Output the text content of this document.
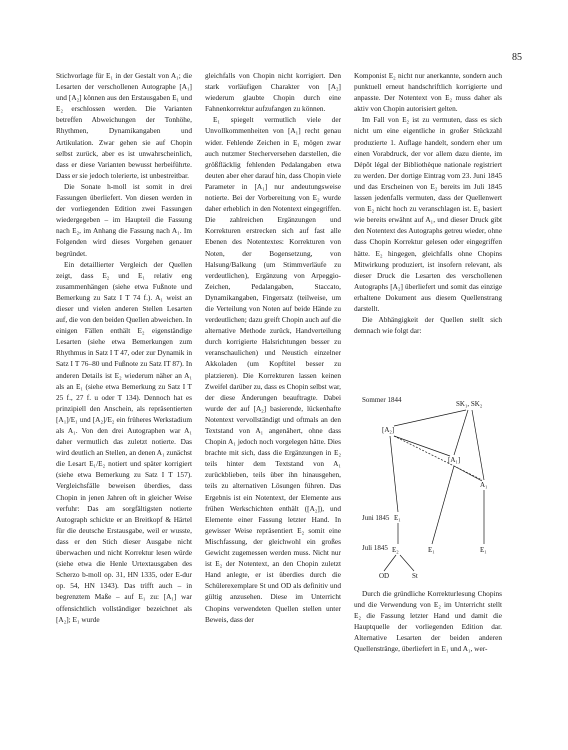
85

Stichvorlage für E₁ in der Gestalt von A₁; die Lesarten der verschollenen Autographe [A₁] und [A₂] können aus den Erstausgaben E₁ und E₂ erschlossen werden. Die Varianten betreffen Abweichungen der Tonhöhe, Rhythmen, Dynamikangaben und Artikulation. Zwar gehen sie auf Chopin selbst zurück, aber es ist unwahrscheinlich, dass er diese Varianten bewusst herbeiführte. Dass er sie jedoch tolerierte, ist unbestreitbar.

Die Sonate h-moll ist somit in drei Fassungen überliefert. Von diesen werden in der vorliegenden Edition zwei Fassungen wiedergegeben – im Haupteil die Fassung nach E₂, im Anhang die Fassung nach A₁. Im Folgenden wird dieses Vorgehen genauer begründet.

Ein detaillierter Vergleich der Quellen zeigt, dass E₂ und E₁ relativ eng zusammenhängen (siehe etwa Fußnote und Bemerkung zu Satz I T 74 f.). A₁ weist an dieser und vielen anderen Stellen Lesarten auf, die von den beiden Quellen abweichen. In einigen Fällen enthält E₂ eigenständige Lesarten (siehe etwa Bemerkungen zum Rhythmus in Satz I T 47, oder zur Dynamik in Satz I T 76–80 und Fußnote zu Satz IT 87). In anderen Details ist E₂ wiederum näher an A₁ als an E₁ (siehe etwa Bemerkung zu Satz I T 25 f., 27 f. u oder T 134). Dennoch hat es prinzipiell den Anschein, als repräsentierten [A₁]/E₁ und [A₂]/E₂ ein früheres Werkstadium als A₁. Von den drei Autographen war A₁ daher vermutlich das zuletzt notierte. Das wird deutlich an Stellen, an denen A₁ zunächst die Lesart E₁/E₂ notiert und später korrigiert (siehe etwa Bemerkung zu Satz I T 157). Vergleichsfälle beweisen überdies, dass Chopin in jenen Jahren oft in gleicher Weise verfuhr: Das am sorgfältigsten notierte Autograph schickte er an Breitkopf & Härtel für die deutsche Erstausgabe, weil er wusste, dass er den Stich dieser Ausgabe nicht überwachen und nicht Korrektur lesen würde (siehe etwa die Henle Urtextausgaben des Scherzo b-moll op. 31, HN 1335, oder E-dur op. 54, HN 1343). Das trifft auch – in begrenztem Maße – auf E₁ zu: [A₁] war offensichtlich vollständiger bezeichnet als [A₂]; E₁ wurde

gleichfalls von Chopin nicht korrigiert. Den stark vorläufigen Charakter von [A₂] wiederum glaubte Chopin durch eine Fahnenkorrektur aufzufangen zu können.

E₁ spiegelt vermutlich viele der Unvollkommenheiten von [A₁] recht genau wider. Fehlende Zeichen in E₁ mögen zwar auch nutzmer Stecherversehen darstellen, die größfläcklig fehlenden Pedalangaben etwa deuten aber eher darauf hin, dass Chopin viele Parameter in [A₁] nur andeutungsweise notierte. Bei der Vorbereitung von E₂ wurde daher erheblich in den Notentext eingegriffen. Die zahlreichen Ergänzungen und Korrekturen erstrecken sich auf fast alle Ebenen des Notentextes: Korrekturen von Noten, der Bogensetzung, von Halsung/Balkung (um Stimmverläufe zu verdeutlichen), Ergänzung von Arpeggio-Zeichen, Pedalangaben, Staccato, Dynamikangaben, Fingersatz (teilweise, um die Verteilung von Noten auf beide Hände zu verdeutlichen; dazu greift Chopin auch auf die alternative Methode zurück, Handverteilung durch korrigierte Halsrichtungen besser zu veranschaulichen) und Neustich einzelner Akkoladen (um Kopftitel besser zu platzieren). Die Korrekturen lassen keinen Zweifel darüber zu, dass es Chopin selbst war, der diese Änderungen beauftragte. Dabei wurde der auf [A₂] basierende, lückenhafte Notentext vervollständigt und oftmals an den Textstand von A₁ angenähert, ohne dass Chopin A₁ jedoch noch vorgelegen hätte. Dies brachte mit sich, dass die Ergänzungen in E₂ teils hinter dem Textstand von A₁ zurückblieben, teils über ihn hinausgehen, teils zu alternativen Lösungen führen. Das Ergebnis ist ein Notentext, der Elemente aus frühen Werkschichten enthält ([A₂]), und Elemente einer Fassung letzter Hand. In gewisser Weise repräsentiert E₂ somit eine Mischfassung, der gleichwohl ein großes Gewicht zugemessen werden muss. Nicht nur ist E₂ der Notentext, an den Chopin zuletzt Hand anlegte, er ist überdies durch die Schülerexemplare St und OD als definitiv und gültig anzusehen. Diese im Unterricht Chopins verwendeten Quellen stellen unter Beweis, dass der

Komponist E₂ nicht nur anerkannte, sondern auch punktuell erneut handschriftlich korrigierte und anpasste. Der Notentext von E₂ muss daher als aktiv von Chopin autorisiert gelten.

Im Fall von E₂ ist zu vermuten, dass es sich nicht um eine eigentliche in großer Stückzahl produzierte 1. Auflage handelt, sondern eher um einen Vorabdruck, der vor allem dazu diente, im Dépôt légal der Bibliothèque nationale registriert zu werden. Der dortige Eintrag vom 23. Juni 1845 und das Erscheinen von E₂ bereits im Juli 1845 lassen jedenfalls vermuten, dass der Quellenwert von E₂ nicht hoch zu veranschlagen ist. E₂ basiert wie bereits erwähnt auf A₁, und dieser Druck gibt den Notentext des Autographs getreu wieder, ohne dass Chopin Korrektur gelesen oder eingegriffen hätte. E₂ hingegen, gleichfalls ohne Chopins Mitwirkung produziert, ist insofern relevant, als dieser Druck die Lesarten des verschollenen Autographs [A₂] überliefert und somit das einzige erhaltene Dokument aus diesem Quellenstrang darstellt.

Die Abhängigkeit der Quellen stellt sich demnach wie folgt dar:

Sommer 1844	SK₁, SK₂
[A₂]
[A₁]
A₁
Juni 1845 E₁
Juli 1845 E₂	E₁	E₁
OD	St

Durch die gründliche Korrekturlesung Chopins und die Verwendung von E₂ im Unterricht stellt E₂ die Fassung letzter Hand und damit die Hauptquelle der vorliegenden Edition dar. Alternative Lesarten der beiden anderen Quellenstränge, überliefert in E₁ und A₁, wer-
